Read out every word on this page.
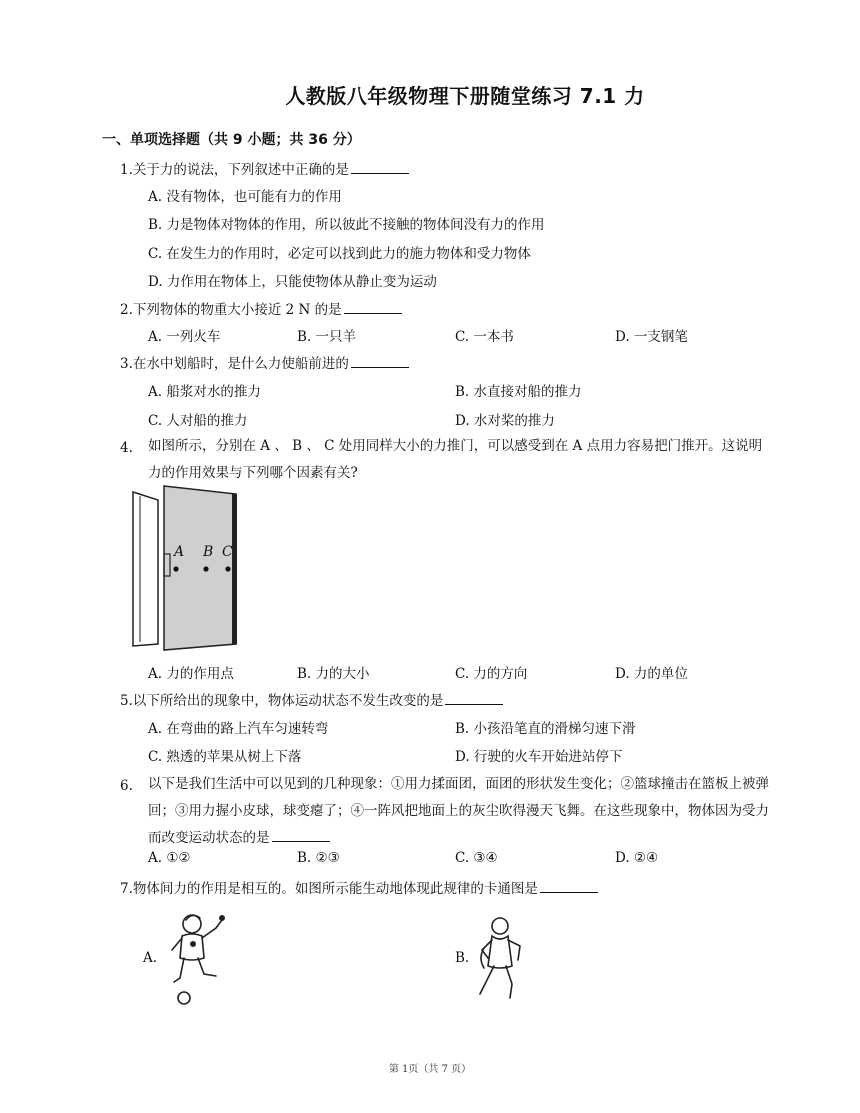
人教版八年级物理下册随堂练习 7.1 力
一、单项选择题（共 9 小题；共 36 分）
1.关于力的说法，下列叙述中正确的是
A. 没有物体，也可能有力的作用
B. 力是物体对物体的作用，所以彼此不接触的物体间没有力的作用
C. 在发生力的作用时，必定可以找到此力的施力物体和受力物体
D. 力作用在物体上，只能使物体从静止变为运动
2.下列物体的物重大小接近 2 N 的是
A. 一列火车	B. 一只羊	C. 一本书	D. 一支钢笔
3.在水中划船时，是什么力使船前进的
A. 船浆对水的推力	B. 水直接对船的推力
C. 人对船的推力	D. 水对桨的推力
4. 如图所示，分别在 A 、 B 、 C 处用同样大小的力推门，可以感受到在 A 点用力容易把门推开。这说明力的作用效果与下列哪个因素有关?
A B C
A. 力的作用点	B. 力的大小	C. 力的方向	D. 力的单位
5.以下所给出的现象中，物体运动状态不发生改变的是
A. 在弯曲的路上汽车匀速转弯	B. 小孩沿笔直的滑梯匀速下滑
C. 熟透的苹果从树上下落	D. 行驶的火车开始进站停下
6. 以下是我们生活中可以见到的几种现象：①用力揉面团，面团的形状发生变化；②篮球撞击在篮板上被弹回；③用力握小皮球，球变瘪了；④一阵风把地面上的灰尘吹得漫天飞舞。在这些现象中，物体因为受力而改变运动状态的是
A. ①②	B. ②③	C. ③④	D. ②④
7.物体间力的作用是相互的。如图所示能生动地体现此规律的卡通图是
A.	B.
第 1页（共 7 页）
